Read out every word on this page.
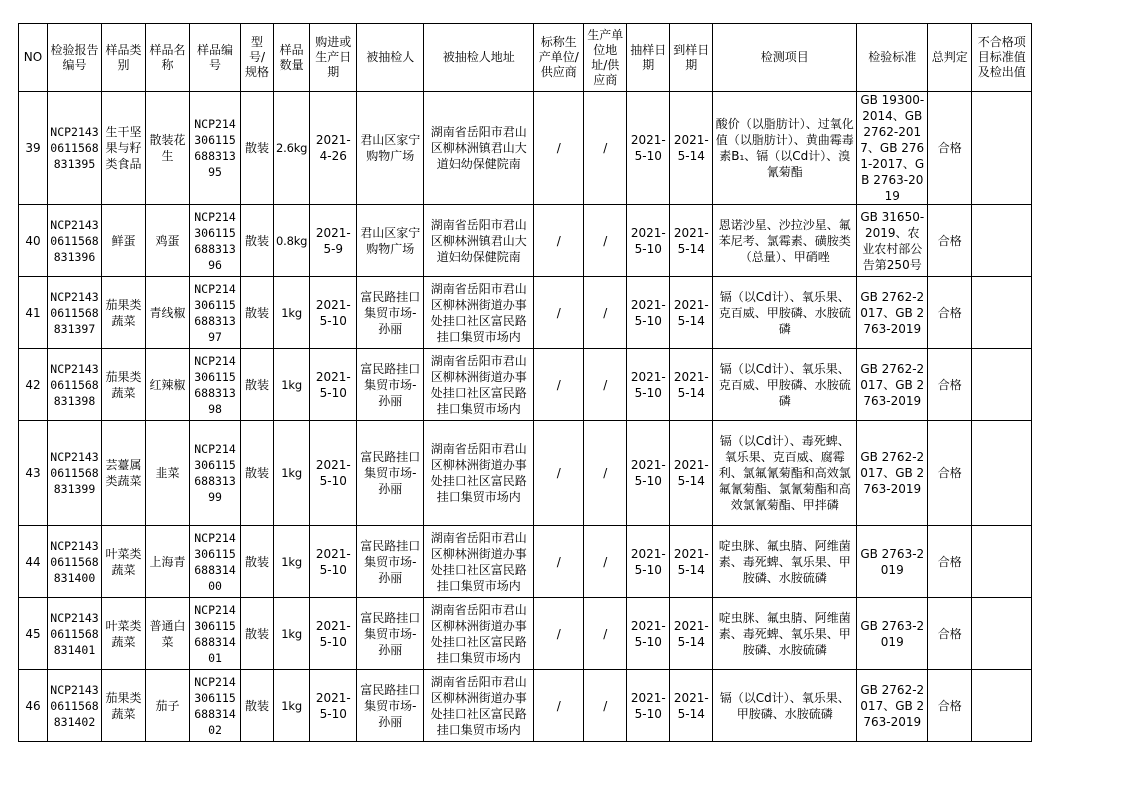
NO	检验报告编号	样品类别	样品名称	样品编号	型号/规格	样品数量	购进或生产日期	被抽检人	被抽检人地址	标称生产单位/供应商	生产单位地址/供应商	抽样日期	到样日期	检测项目	检验标准	总判定	不合格项目标准值及检出值
39	NCP21430611568831395	生干坚果与籽类食品	散装花生	NCP21430611568831395	散装	2.6kg	2021-4-26	君山区家宁购物广场	湖南省岳阳市君山区柳林洲镇君山大道妇幼保健院南	/	/	2021-5-10	2021-5-14	酸价（以脂肪计）、过氧化值（以脂肪计）、黄曲霉毒素B₁、镉（以Cd计）、溴氰菊酯	GB 19300-2014、GB 2762-2017、GB 2761-2017、GB 2763-2019	合格	
40	NCP21430611568831396	鲜蛋	鸡蛋	NCP21430611568831396	散装	0.8kg	2021-5-9	君山区家宁购物广场	湖南省岳阳市君山区柳林洲镇君山大道妇幼保健院南	/	/	2021-5-10	2021-5-14	恩诺沙星、沙拉沙星、氟苯尼考、氯霉素、磺胺类 （总量）、甲硝唑	GB 31650-2019、农业农村部公告第250号	合格	
41	NCP21430611568831397	茄果类蔬菜	青线椒	NCP21430611568831397	散装	1kg	2021-5-10	富民路挂口集贸市场-孙丽	湖南省岳阳市君山区柳林洲街道办事处挂口社区富民路挂口集贸市场内	/	/	2021-5-10	2021-5-14	镉（以Cd计）、氧乐果、克百威、甲胺磷、水胺硫磷	GB 2762-2017、GB 2763-2019	合格	
42	NCP21430611568831398	茄果类蔬菜	红辣椒	NCP21430611568831398	散装	1kg	2021-5-10	富民路挂口集贸市场-孙丽	湖南省岳阳市君山区柳林洲街道办事处挂口社区富民路挂口集贸市场内	/	/	2021-5-10	2021-5-14	镉（以Cd计）、氧乐果、克百威、甲胺磷、水胺硫磷	GB 2762-2017、GB 2763-2019	合格	
43	NCP21430611568831399	芸薹属类蔬菜	韭菜	NCP21430611568831399	散装	1kg	2021-5-10	富民路挂口集贸市场-孙丽	湖南省岳阳市君山区柳林洲街道办事处挂口社区富民路挂口集贸市场内	/	/	2021-5-10	2021-5-14	镉（以Cd计）、毒死蜱、氧乐果、克百威、腐霉利、氯氟氰菊酯和高效氯氟氰菊酯、氯氰菊酯和高效氯氰菊酯、甲拌磷	GB 2762-2017、GB 2763-2019	合格	
44	NCP21430611568831400	叶菜类蔬菜	上海青	NCP21430611568831400	散装	1kg	2021-5-10	富民路挂口集贸市场-孙丽	湖南省岳阳市君山区柳林洲街道办事处挂口社区富民路挂口集贸市场内	/	/	2021-5-10	2021-5-14	啶虫脒、氟虫腈、阿维菌素、毒死蜱、氧乐果、甲胺磷、水胺硫磷	GB 2763-2019	合格	
45	NCP21430611568831401	叶菜类蔬菜	普通白菜	NCP21430611568831401	散装	1kg	2021-5-10	富民路挂口集贸市场-孙丽	湖南省岳阳市君山区柳林洲街道办事处挂口社区富民路挂口集贸市场内	/	/	2021-5-10	2021-5-14	啶虫脒、氟虫腈、阿维菌素、毒死蜱、氧乐果、甲胺磷、水胺硫磷	GB 2763-2019	合格	
46	NCP21430611568831402	茄果类蔬菜	茄子	NCP21430611568831402	散装	1kg	2021-5-10	富民路挂口集贸市场-孙丽	湖南省岳阳市君山区柳林洲街道办事处挂口社区富民路挂口集贸市场内	/	/	2021-5-10	2021-5-14	镉（以Cd计）、氧乐果、甲胺磷、水胺硫磷	GB 2762-2017、GB 2763-2019	合格	
